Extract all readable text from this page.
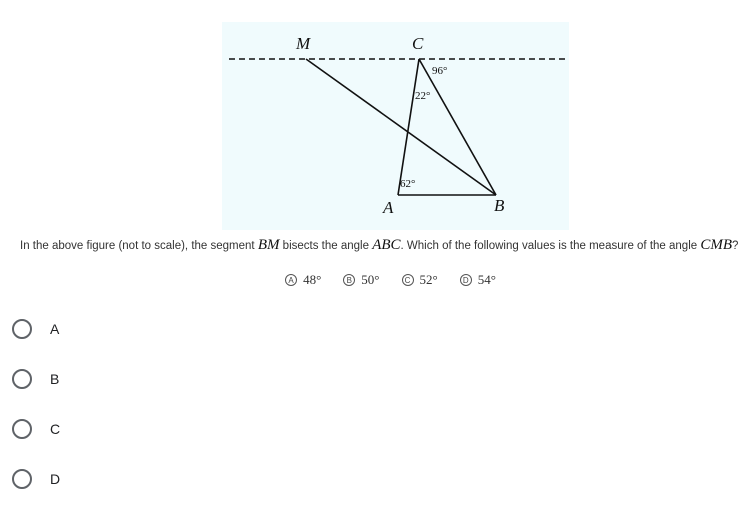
M	C
A	B
96°
22°
62°
In the above figure (not to scale), the segment BM bisects the angle ABC. Which of the following values is the measure of the angle CMB?
A 48°	B 50°	C 52°	D 54°
A
B
C
D
